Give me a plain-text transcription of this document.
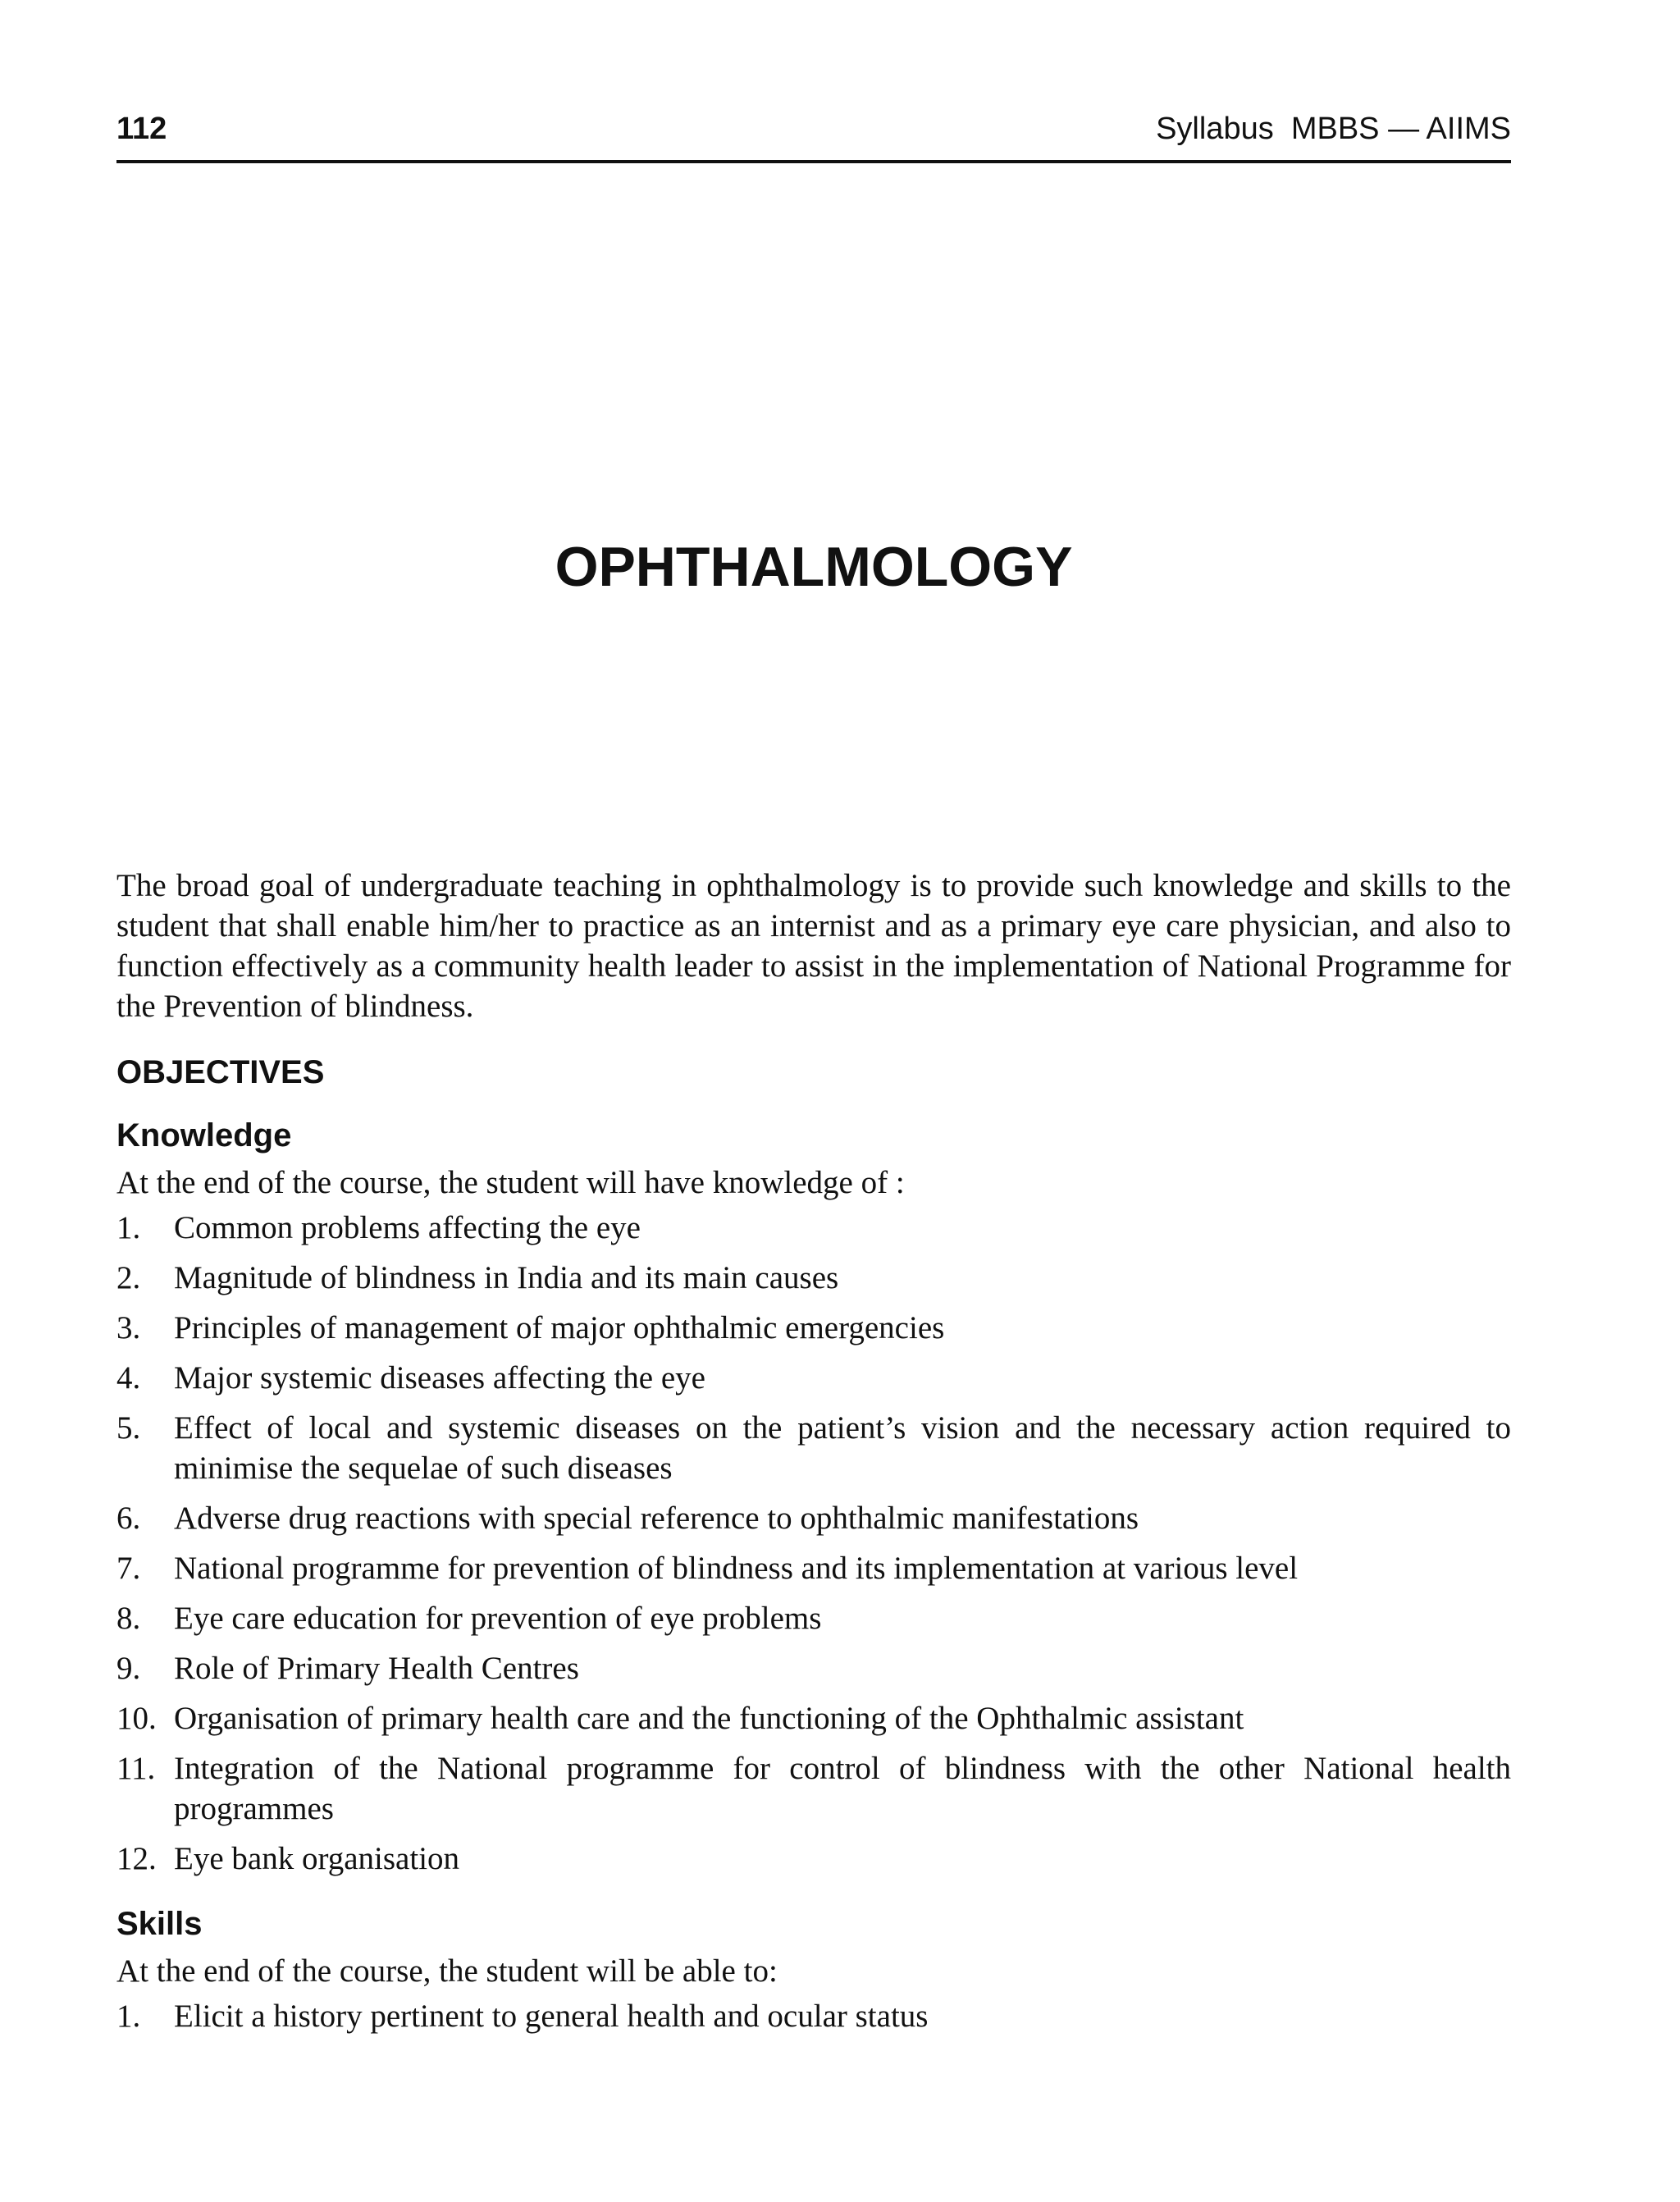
112	Syllabus  MBBS — AIIMS
OPHTHALMOLOGY

The broad goal of undergraduate teaching in ophthalmology is to provide such knowledge and skills to the student that shall enable him/her to practice as an internist and as a primary eye care physician, and also to function effectively as a community health leader to assist in the implementation of National Programme for the Prevention of blindness.

OBJECTIVES
Knowledge

At the end of the course, the student will have knowledge of :

1.	Common problems affecting the eye
2.	Magnitude of blindness in India and its main causes
3.	Principles of management of major ophthalmic emergencies
4.	Major systemic diseases affecting the eye
5.	Effect of local and systemic diseases on the patient’s vision and the necessary action required to minimise the sequelae of such diseases
6.	Adverse drug reactions with special reference to ophthalmic manifestations
7.	National programme for prevention of blindness and its implementation at various level
8.	Eye care education for prevention of eye problems
9.	Role of Primary Health Centres
10. Organisation of primary health care and the functioning of the Ophthalmic assistant
11. Integration of the National programme for control of blindness with the other National health programmes
12. Eye bank organisation
Skills

At the end of the course, the student will be able to:

1.	Elicit a history pertinent to general health and ocular status
